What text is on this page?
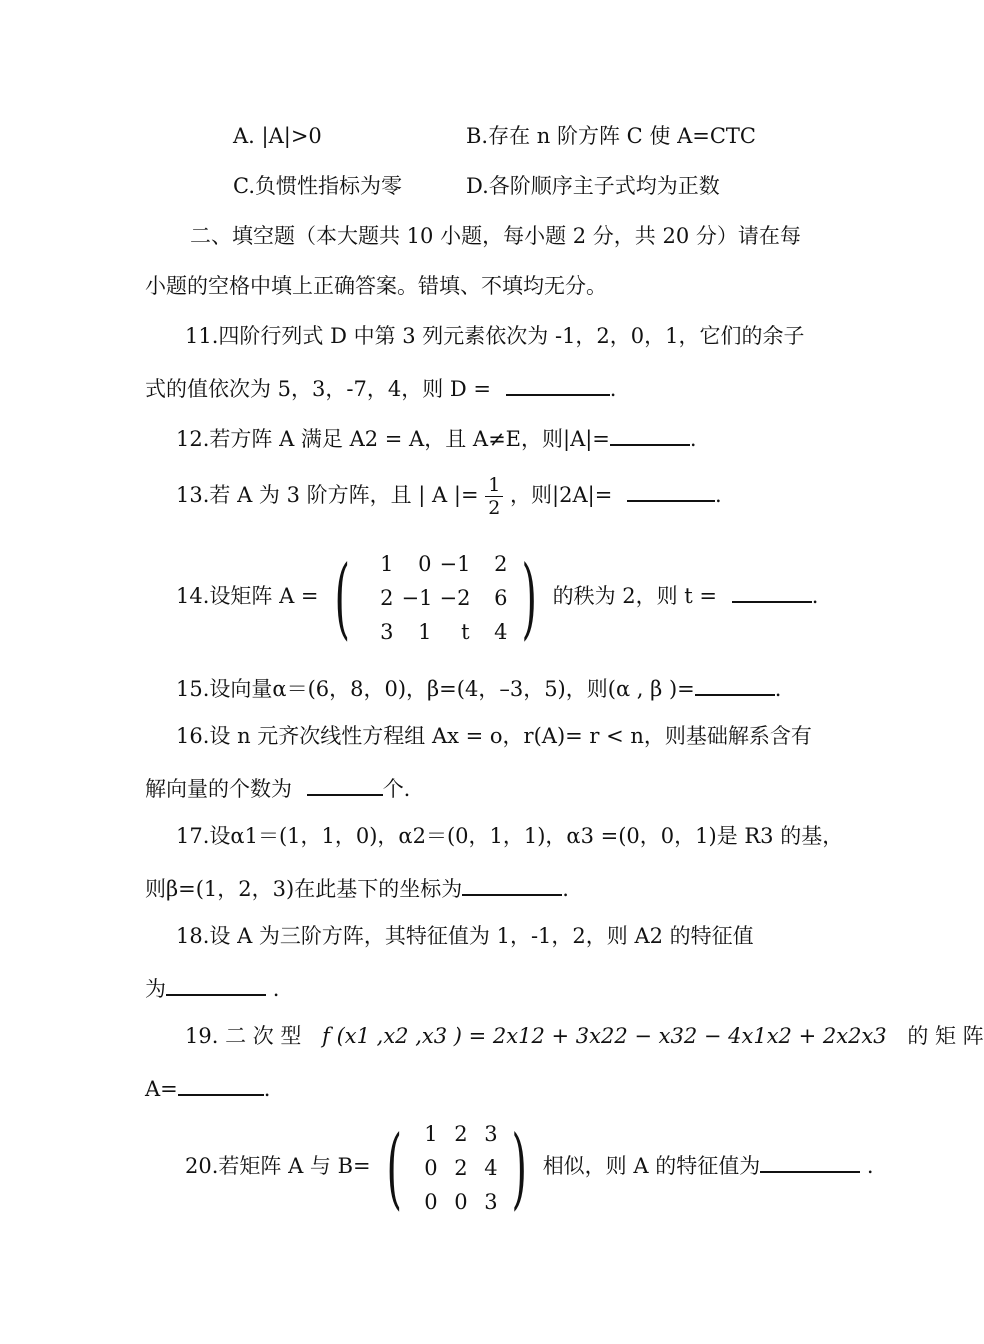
A. |A|>0	B.存在 n 阶方阵 C 使 A=CTC
C.负惯性指标为零	D.各阶顺序主子式均为正数
二、填空题（本大题共 10 小题，每小题 2 分，共 20 分）请在每
小题的空格中填上正确答案。错填、不填均无分。
11.四阶行列式 D 中第 3 列元素依次为 -1，2，0，1，它们的余子
式的值依次为 5，3，-7，4，则 D =	.
12.若方阵 A 满足 A2 = A，且 A≠E，则|A|=	.
13.若 A 为 3 阶方阵，且 | A |= $\frac{1}{2}$ ，则|2A|=	.
14.设矩阵 A = (	1	0 −1	2
2 −1 −2	6
3	1	t	4 ) 的秩为 2，则 t =	.
15.设向量α＝(6，8，0)，β=(4，–3，5)，则(α , β )=	.
16.设 n 元齐次线性方程组 Ax = o，r(A)= r < n，则基础解系含有
解向量的个数为	个.
17.设α1＝(1，1，0)，α2＝(0，1，1)，α3 =(0，0，1)是 R3 的基，
则β=(1，2，3)在此基下的坐标为	.
18.设 A 为三阶方阵，其特征值为 1，-1，2，则 A2 的特征值
为	.
19. 二 次 型 f (x1 ,x2 ,x3 ) = 2x12 + 3x22 − x32 − 4x1x2 + 2x2x3 的 矩 阵
A=	.
20.若矩阵 A 与 B= (	1 2 3
0 2 4
0 0 3 ) 相似，则 A 的特征值为	.
